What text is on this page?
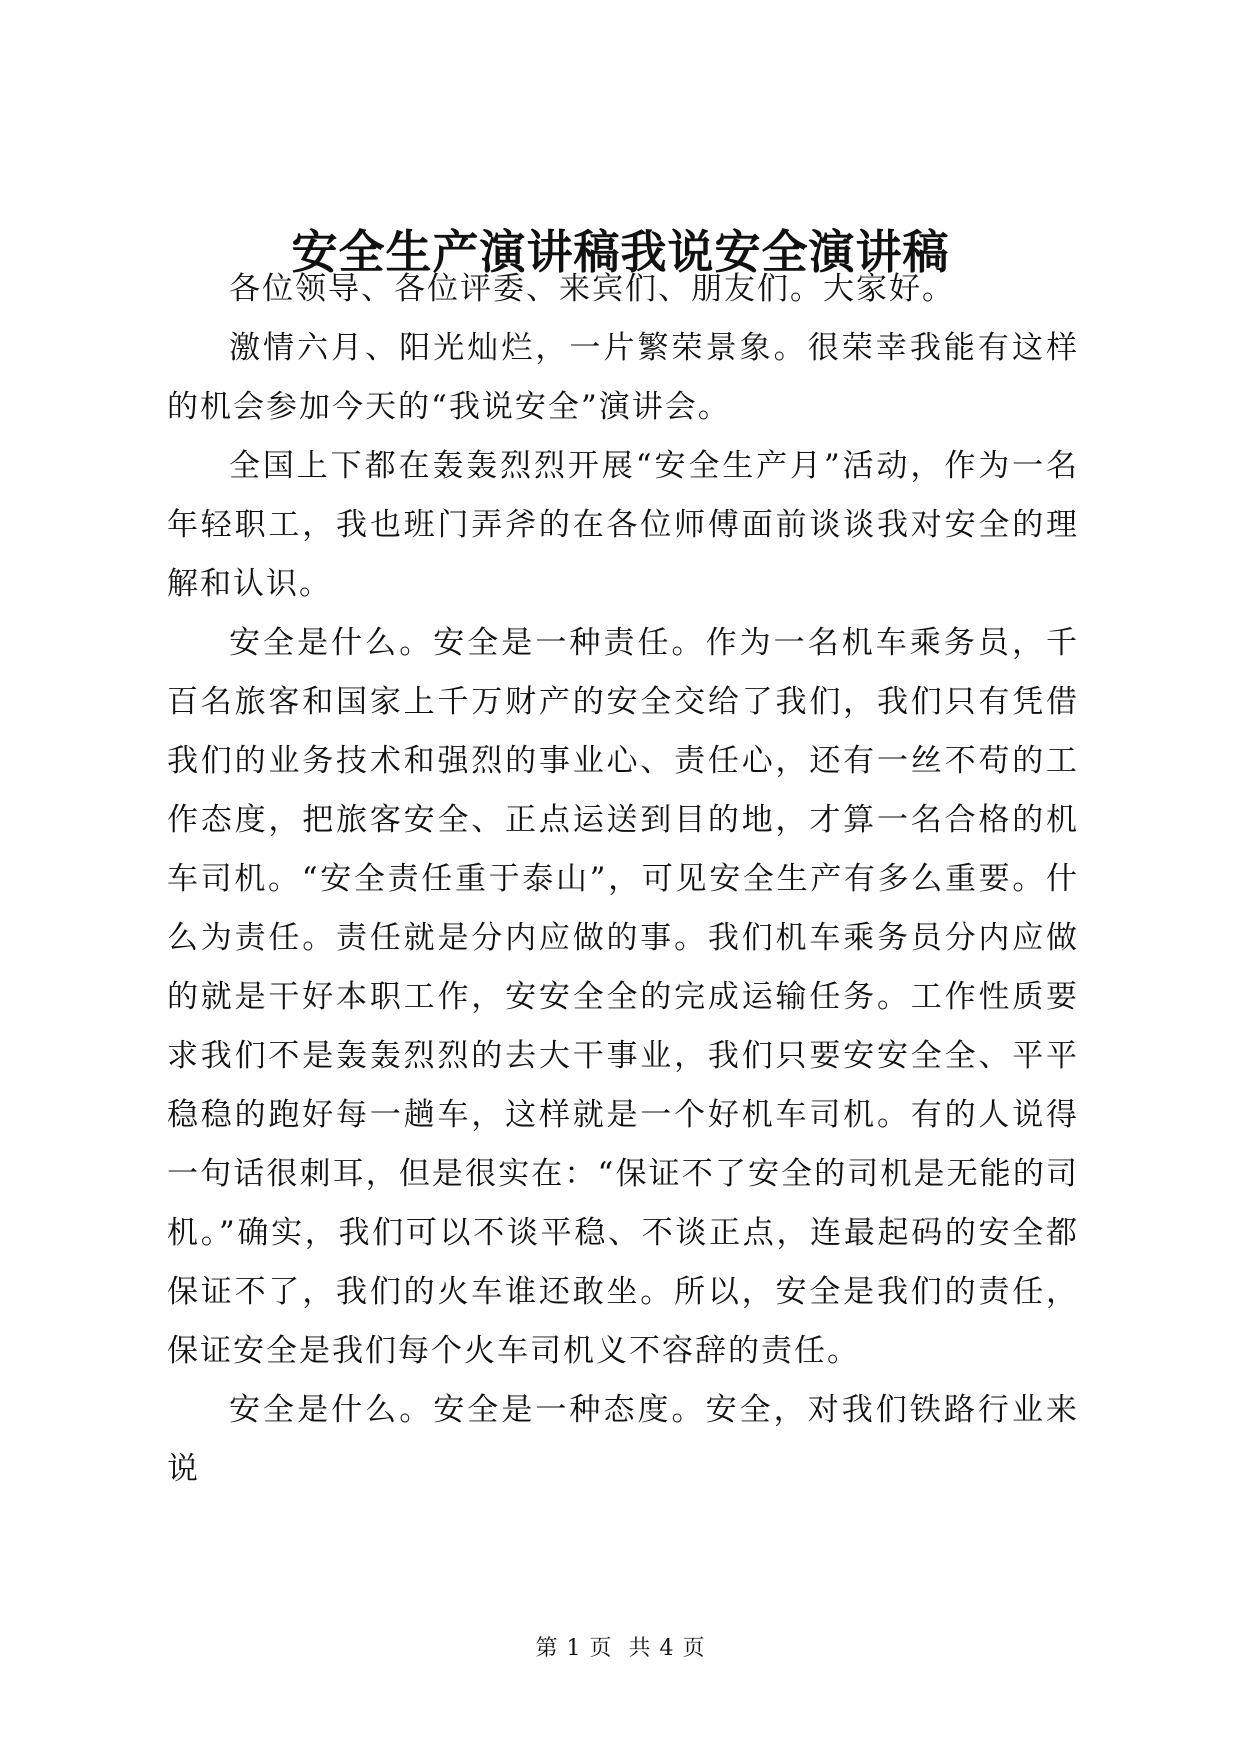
安全生产演讲稿我说安全演讲稿

各位领导、各位评委、来宾们、朋友们。大家好。

激情六月、阳光灿烂，一片繁荣景象。很荣幸我能有这样的机会参加今天的“我说安全”演讲会。

全国上下都在轰轰烈烈开展“安全生产月”活动，作为一名年轻职工，我也班门弄斧的在各位师傅面前谈谈我对安全的理解和认识。

安全是什么。安全是一种责任。作为一名机车乘务员，千百名旅客和国家上千万财产的安全交给了我们，我们只有凭借我们的业务技术和强烈的事业心、责任心，还有一丝不苟的工作态度，把旅客安全、正点运送到目的地，才算一名合格的机车司机。“安全责任重于泰山”，可见安全生产有多么重要。什么为责任。责任就是分内应做的事。我们机车乘务员分内应做的就是干好本职工作，安安全全的完成运输任务。工作性质要求我们不是轰轰烈烈的去大干事业，我们只要安安全全、平平稳稳的跑好每一趟车，这样就是一个好机车司机。有的人说得一句话很刺耳，但是很实在：“保证不了安全的司机是无能的司机。”确实，我们可以不谈平稳、不谈正点，连最起码的安全都保证不了，我们的火车谁还敢坐。所以，安全是我们的责任，保证安全是我们每个火车司机义不容辞的责任。

安全是什么。安全是一种态度。安全，对我们铁路行业来说

第 1 页  共 4 页
